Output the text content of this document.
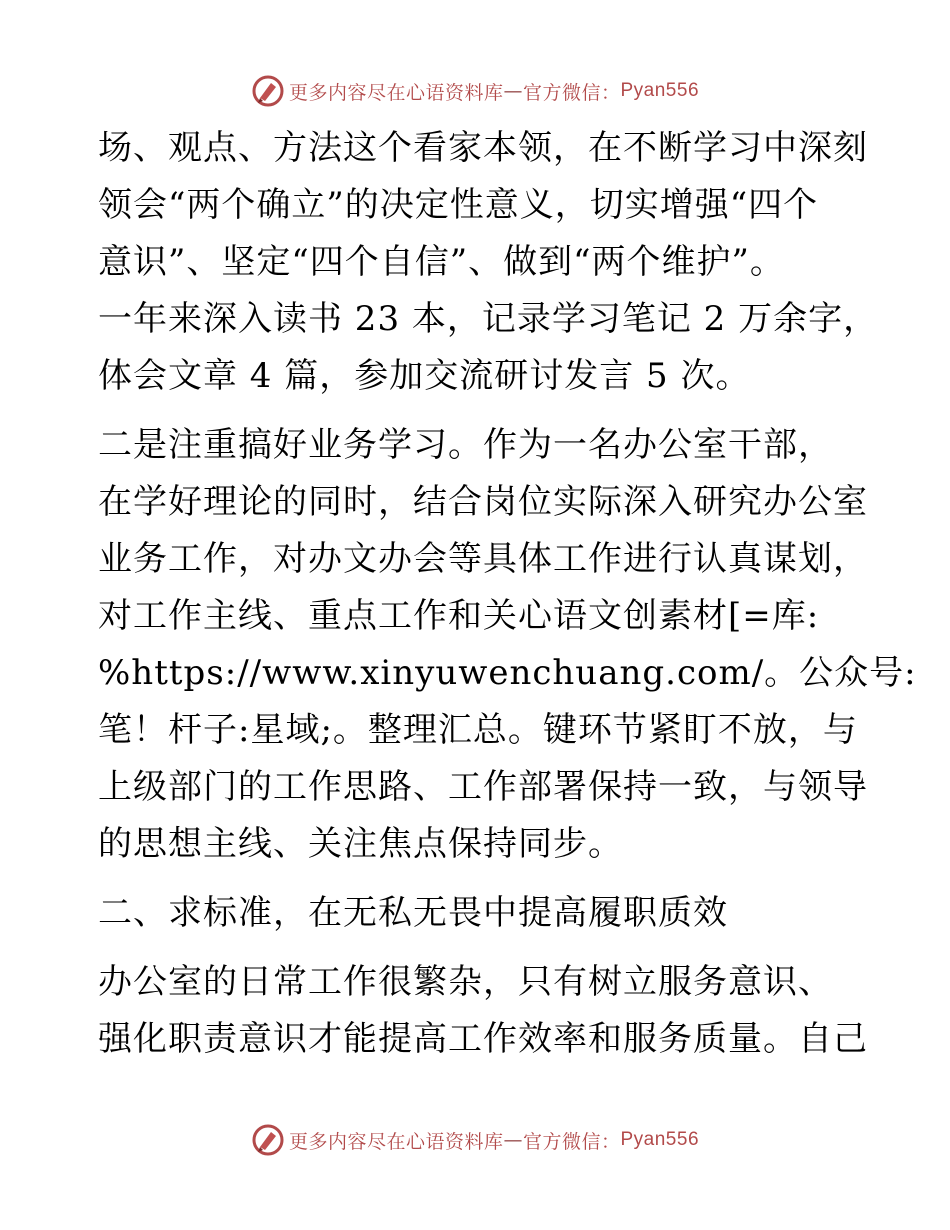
更多内容尽在心语资料库 — 官方微信： Pyan556
场、观点、方法这个看家本领，在不断学习中深刻
领会“两个确立”的决定性意义，切实增强“四个
意识”、坚定“四个自信”、做到“两个维护”。
一年来深入读书 23 本，记录学习笔记 2 万余字，
体会文章 4 篇，参加交流研讨发言 5 次。
二是注重搞好业务学习。作为一名办公室干部，
在学好理论的同时，结合岗位实际深入研究办公室
业务工作，对办文办会等具体工作进行认真谋划，
对工作主线、重点工作和关心语文创素材[=库:
%https://www.xinyuwenchuang.com/。公众号:
笔！杆子:星域;。整理汇总。键环节紧盯不放，与
上级部门的工作思路、工作部署保持一致，与领导
的思想主线、关注焦点保持同步。
二、求标准，在无私无畏中提高履职质效
办公室的日常工作很繁杂，只有树立服务意识、
强化职责意识才能提高工作效率和服务质量。自己
更多内容尽在心语资料库 — 官方微信： Pyan556
